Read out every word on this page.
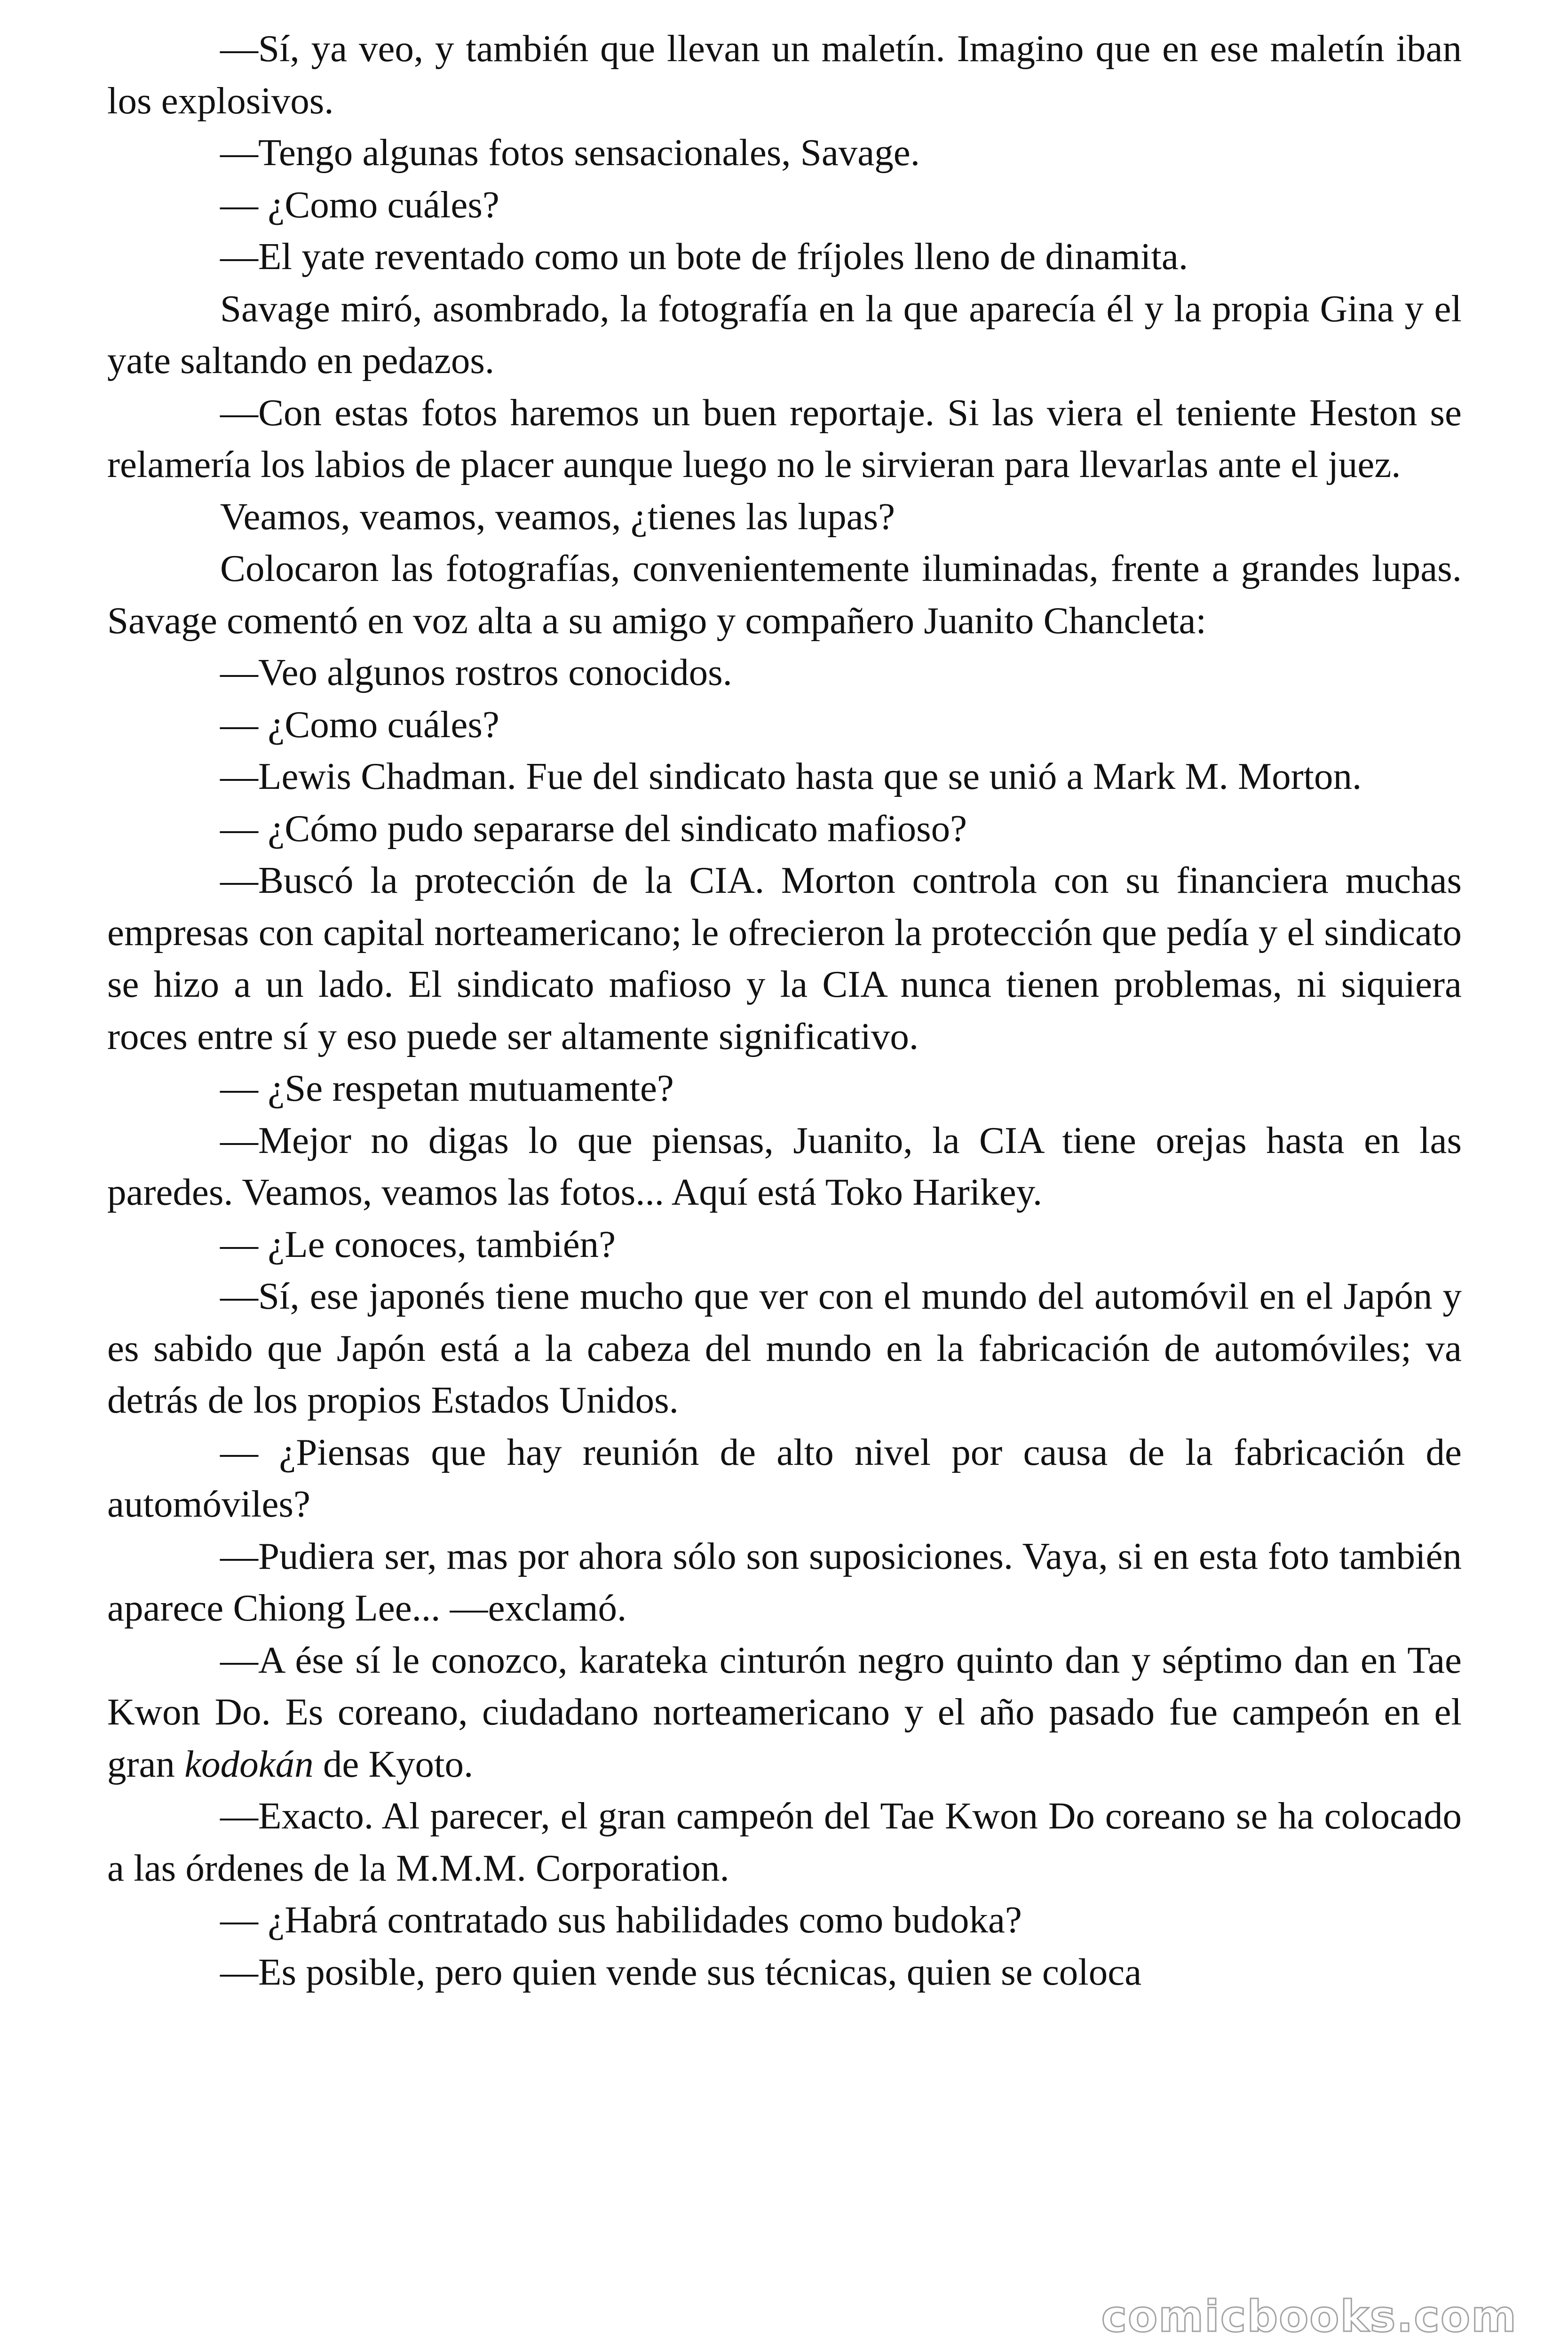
—Sí, ya veo, y también que llevan un maletín. Imagino que en ese maletín iban los explosivos.

—Tengo algunas fotos sensacionales, Savage.

— ¿Como cuáles?

—El yate reventado como un bote de fríjoles lleno de dinamita.

Savage miró, asombrado, la fotografía en la que aparecía él y la propia Gina y el yate saltando en pedazos.

—Con estas fotos haremos un buen reportaje. Si las viera el teniente Heston se relamería los labios de placer aunque luego no le sirvieran para llevarlas ante el juez.

Veamos, veamos, veamos, ¿tienes las lupas?

Colocaron las fotografías, convenientemente iluminadas, frente a grandes lupas. Savage comentó en voz alta a su amigo y compañero Juanito Chancleta:

—Veo algunos rostros conocidos.

— ¿Como cuáles?

—Lewis Chadman. Fue del sindicato hasta que se unió a Mark M. Morton.

— ¿Cómo pudo separarse del sindicato mafioso?

—Buscó la protección de la CIA. Morton controla con su financiera muchas empresas con capital norteamericano; le ofrecieron la protección que pedía y el sindicato se hizo a un lado. El sindicato mafioso y la CIA nunca tienen problemas, ni siquiera roces entre sí y eso puede ser altamente significativo.

— ¿Se respetan mutuamente?

—Mejor no digas lo que piensas, Juanito, la CIA tiene orejas hasta en las paredes. Veamos, veamos las fotos... Aquí está Toko Harikey.

— ¿Le conoces, también?

—Sí, ese japonés tiene mucho que ver con el mundo del automóvil en el Japón y es sabido que Japón está a la cabeza del mundo en la fabricación de automóviles; va detrás de los propios Estados Unidos.

— ¿Piensas que hay reunión de alto nivel por causa de la fabricación de automóviles?

—Pudiera ser, mas por ahora sólo son suposiciones. Vaya, si en esta foto también aparece Chiong Lee... —exclamó.

—A ése sí le conozco, karateka cinturón negro quinto dan y séptimo dan en Tae Kwon Do. Es coreano, ciudadano norteamericano y el año pasado fue campeón en el gran kodokán de Kyoto.

—Exacto. Al parecer, el gran campeón del Tae Kwon Do coreano se ha colocado a las órdenes de la M.M.M. Corporation.

— ¿Habrá contratado sus habilidades como budoka?

—Es posible, pero quien vende sus técnicas, quien se coloca

comicbooks.com
